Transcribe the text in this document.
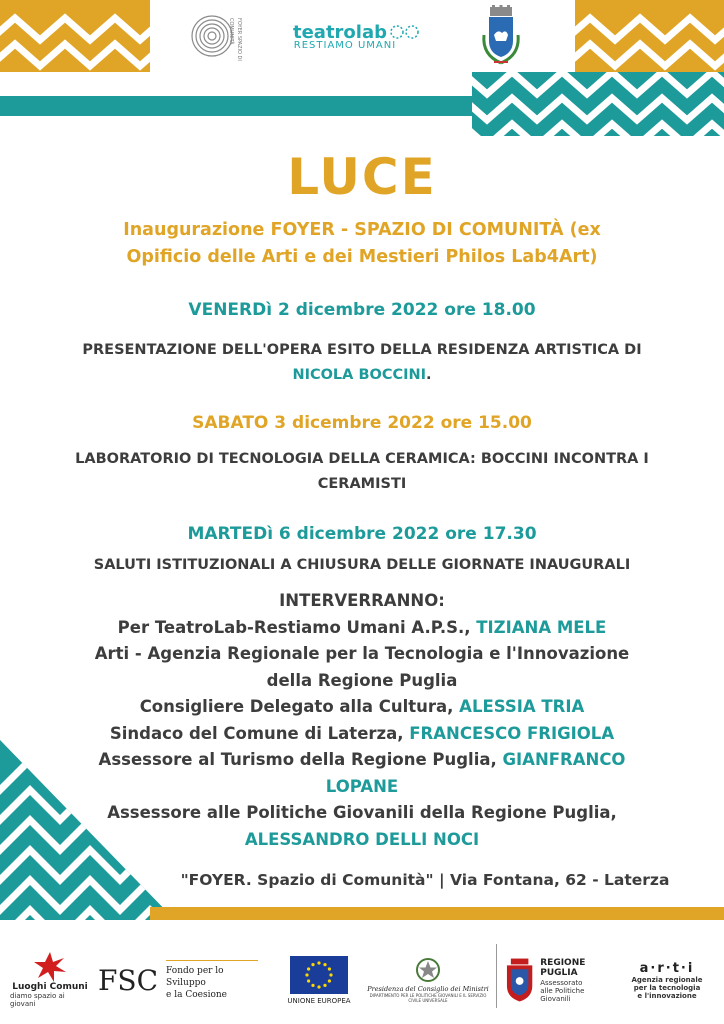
FOYER SPAZIO DI COMUNITÀ	teatrolab
RESTIAMO UMANI
LUCE
Inaugurazione FOYER - SPAZIO DI COMUNITÀ (ex
Opificio delle Arti e dei Mestieri Philos Lab4Art)
VENERDì 2 dicembre 2022 ore 18.00
PRESENTAZIONE DELL'OPERA ESITO DELLA RESIDENZA ARTISTICA DI
NICOLA BOCCINI.
SABATO 3 dicembre 2022 ore 15.00
LABORATORIO DI TECNOLOGIA DELLA CERAMICA: BOCCINI INCONTRA I
CERAMISTI
MARTEDì 6 dicembre 2022 ore 17.30
SALUTI ISTITUZIONALI A CHIUSURA DELLE GIORNATE INAUGURALI
INTERVERRANNO:
Per TeatroLab-Restiamo Umani A.P.S., TIZIANA MELE
Arti - Agenzia Regionale per la Tecnologia e l'Innovazione
della Regione Puglia
Consigliere Delegato alla Cultura, ALESSIA TRIA
Sindaco del Comune di Laterza, FRANCESCO FRIGIOLA
Assessore al Turismo della Regione Puglia, GIANFRANCO
LOPANE
Assessore alle Politiche Giovanili della Regione Puglia,
ALESSANDRO DELLI NOCI
"FOYER. Spazio di Comunità" | Via Fontana, 62 - Laterza
Luoghi Comuni
diamo spazio ai giovani
FSC Fondo per lo Sviluppo
e la Coesione
UNIONE EUROPEA
Presidenza del Consiglio dei Ministri
DIPARTIMENTO PER LE POLITICHE GIOVANILI E IL SERVIZIO CIVILE UNIVERSALE
REGIONE
PUGLIA
Assessorato
alle Politiche Giovanili
a·r·t·i
Agenzia regionale
per la tecnologia
e l'innovazione
